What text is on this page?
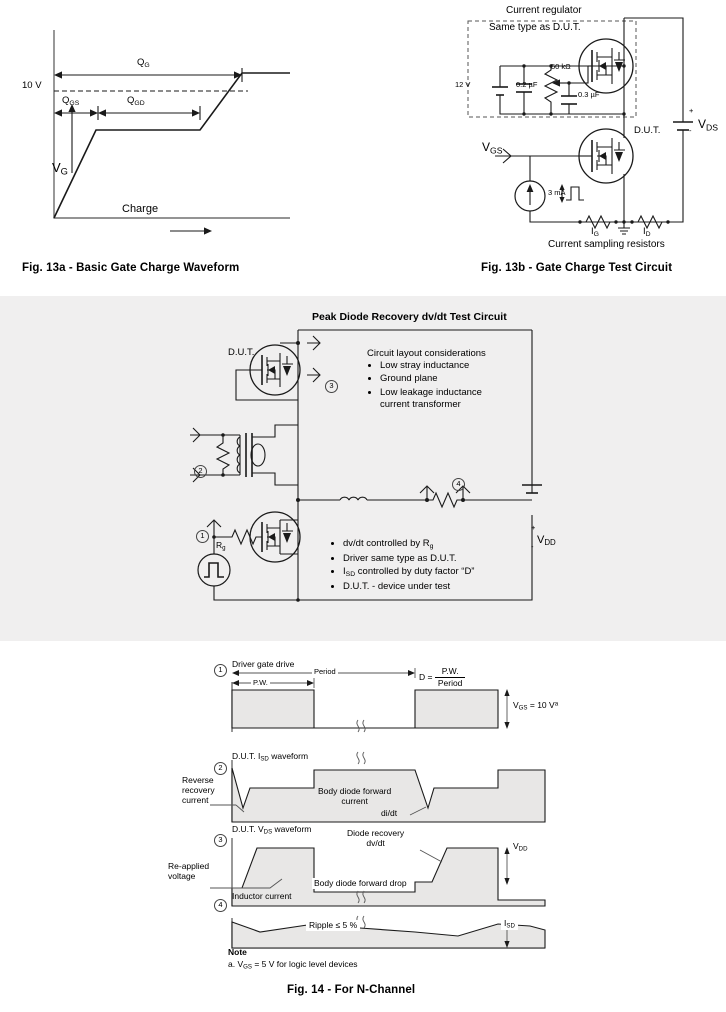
10 V
$Q_G$
$Q_{GS}$	$Q_{GD}$
$V_G$
Charge
Fig. 13a - Basic Gate Charge Waveform
Current regulator
Same type as D.U.T.
12 V	0.2 µF
0.3 µF
50 kΩ
D.U.T.
$V_{GS}$
$V_{DS}$
+
-
3 mA
$I_G$	$I_D$
Current sampling resistors
Fig. 13b - Gate Charge Test Circuit
Peak Diode Recovery dv/dt Test Circuit
D.U.T.
3
2
4
1
$R_g$
$V_{DD}$
+
-
Circuit layout considerations
• Low stray inductance
• Ground plane
• Low leakage inductance
current transformer
• dv/dt controlled by $R_g$
• Driver same type as D.U.T.
• $I_{SD}$ controlled by duty factor “D”
• D.U.T. - device under test
1
Driver gate drive
Period
P.W.
D =
P.W.
Period
$V_{GS} = 10$ $V^a$
2
D.U.T. $I_{SD}$ waveform
Reverse
recovery
current
Body diode forward
current
di/dt
3
D.U.T. $V_{DS}$ waveform
Re-applied
voltage
Diode recovery
dv/dt
Body diode forward drop
$V_{DD}$
4
Inductor current
Ripple ≤ 5 %	$I_{SD}$
Note
a. $V_{GS} = 5$ V for logic level devices
Fig. 14 - For N-Channel
